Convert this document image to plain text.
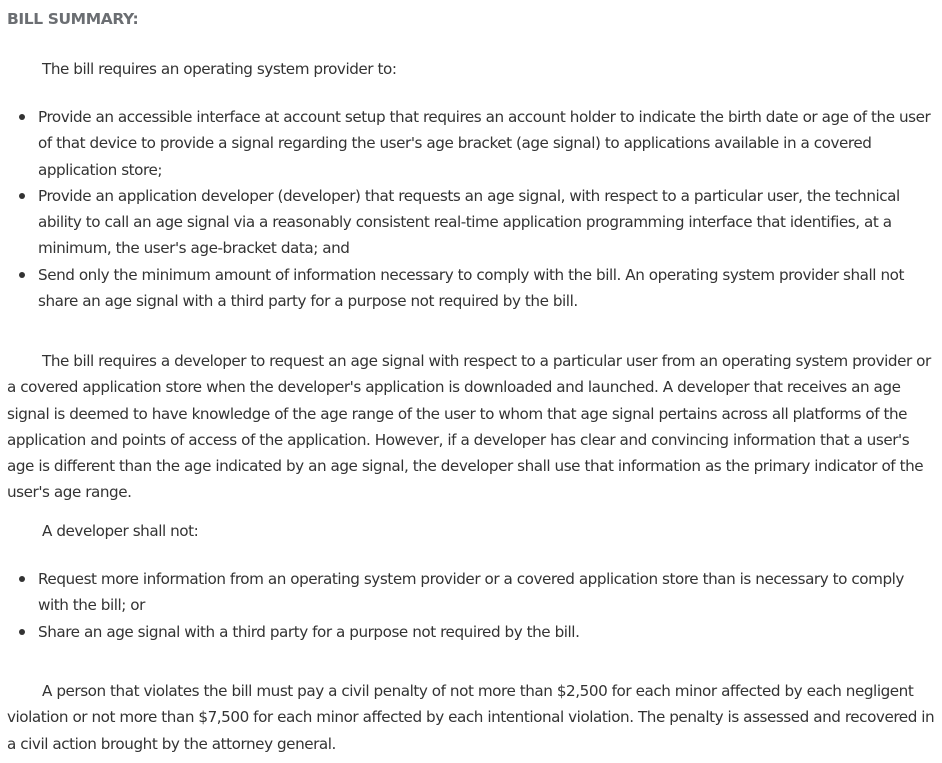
BILL SUMMARY:
The bill requires an operating system provider to:
Provide an accessible interface at account setup that requires an account holder to indicate the birth date or age of the user of that device to provide a signal regarding the user's age bracket (age signal) to applications available in a covered application store;
Provide an application developer (developer) that requests an age signal, with respect to a particular user, the technical ability to call an age signal via a reasonably consistent real-time application programming interface that identifies, at a minimum, the user's age-bracket data; and
Send only the minimum amount of information necessary to comply with the bill. An operating system provider shall not share an age signal with a third party for a purpose not required by the bill.
The bill requires a developer to request an age signal with respect to a particular user from an operating system provider or a covered application store when the developer's application is downloaded and launched. A developer that receives an age signal is deemed to have knowledge of the age range of the user to whom that age signal pertains across all platforms of the application and points of access of the application. However, if a developer has clear and convincing information that a user's age is different than the age indicated by an age signal, the developer shall use that information as the primary indicator of the user's age range.
A developer shall not:
Request more information from an operating system provider or a covered application store than is necessary to comply with the bill; or
Share an age signal with a third party for a purpose not required by the bill.
A person that violates the bill must pay a civil penalty of not more than $2,500 for each minor affected by each negligent violation or not more than $7,500 for each minor affected by each intentional violation. The penalty is assessed and recovered in a civil action brought by the attorney general.
